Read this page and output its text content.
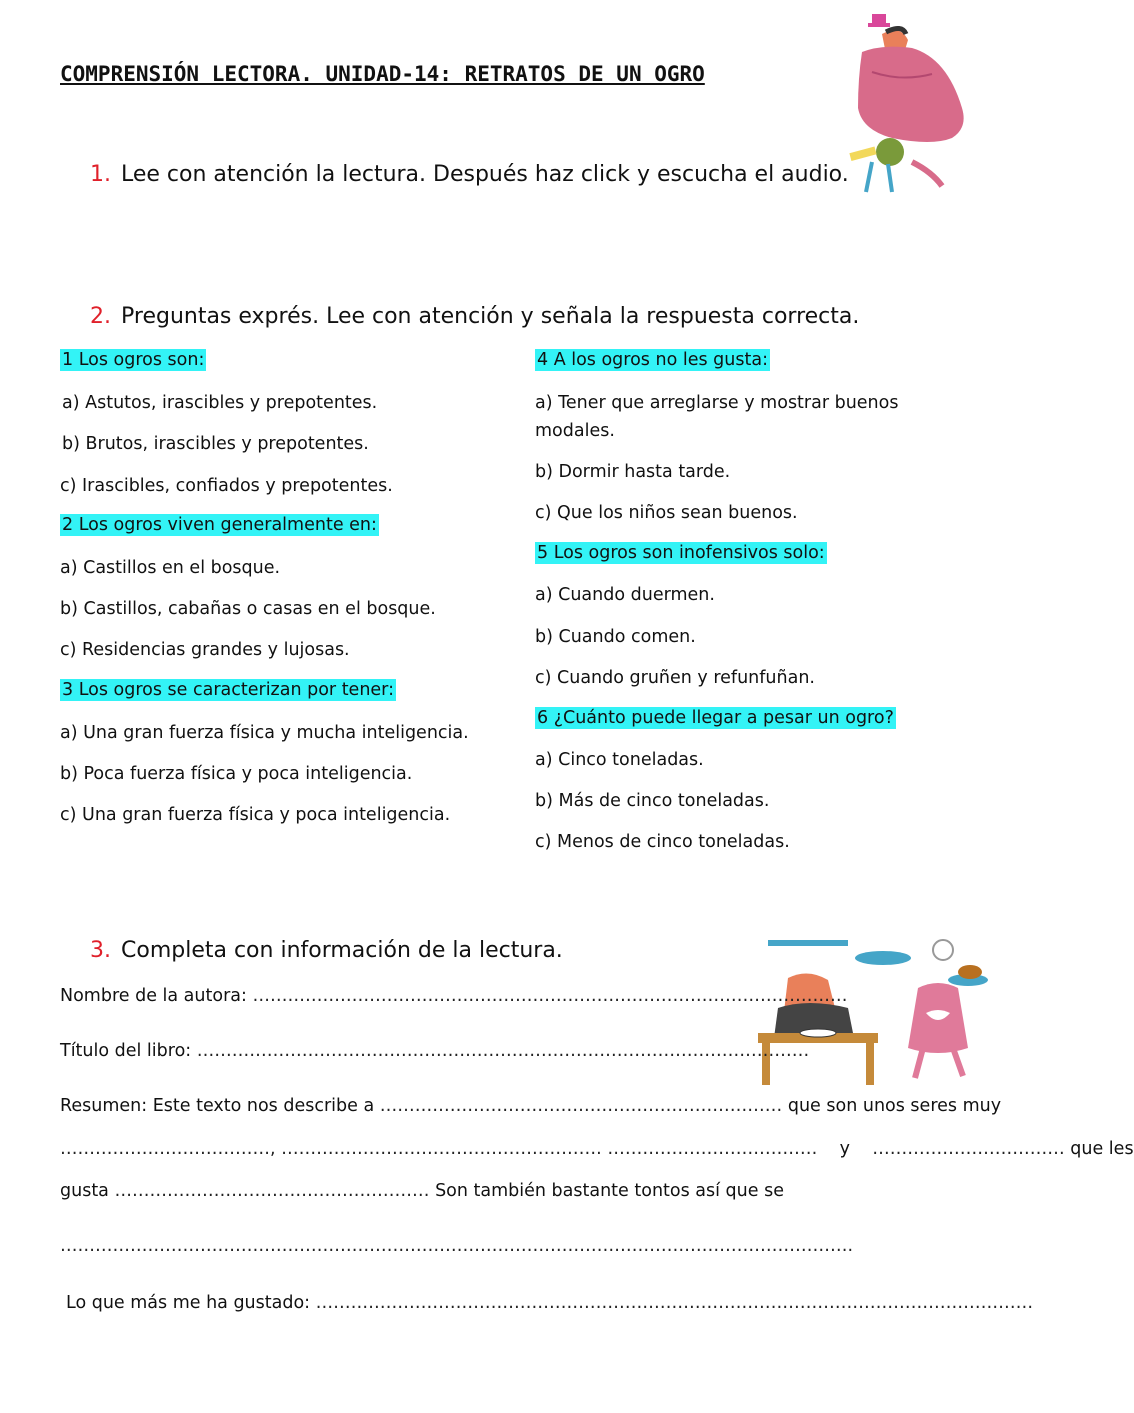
COMPRENSIÓN LECTORA. UNIDAD-14: RETRATOS DE UN OGRO
1. Lee con atención la lectura. Después haz click y escucha el audio.
2. Preguntas exprés. Lee con atención y señala la respuesta correcta.
1 Los ogros son:
a) Astutos, irascibles y prepotentes.
b) Brutos, irascibles y prepotentes.
c) Irascibles, confiados y prepotentes.
2 Los ogros viven generalmente en:
a) Castillos en el bosque.
b) Castillos, cabañas o casas en el bosque.
c) Residencias grandes y lujosas.
3 Los ogros se caracterizan por tener:
a) Una gran fuerza física y mucha inteligencia.
b) Poca fuerza física y poca inteligencia.
c) Una gran fuerza física y poca inteligencia.
4 A los ogros no les gusta:
a) Tener que arreglarse y mostrar buenos modales.
b) Dormir hasta tarde.
c) Que los niños sean buenos.
5 Los ogros son inofensivos solo:
a) Cuando duermen.
b) Cuando comen.
c) Cuando gruñen y refunfuñan.
6 ¿Cuánto puede llegar a pesar un ogro?
a) Cinco toneladas.
b) Más de cinco toneladas.
c) Menos de cinco toneladas.
3. Completa con información de la lectura.
Nombre de la autora: …………………………………………………………………………………………
Título del libro: ……………………………………………………………………………………………
Resumen: Este texto nos describe a …………………………………………………………… que son unos seres muy
………………………………, ………………………………………………. ……………………………… y …………………………… que les
gusta ……………………………………………… Son también bastante tontos así que se
……………………………………………………………………………………………………………………….
Lo que más me ha gustado: ……………………………………………………………………………………………………………
